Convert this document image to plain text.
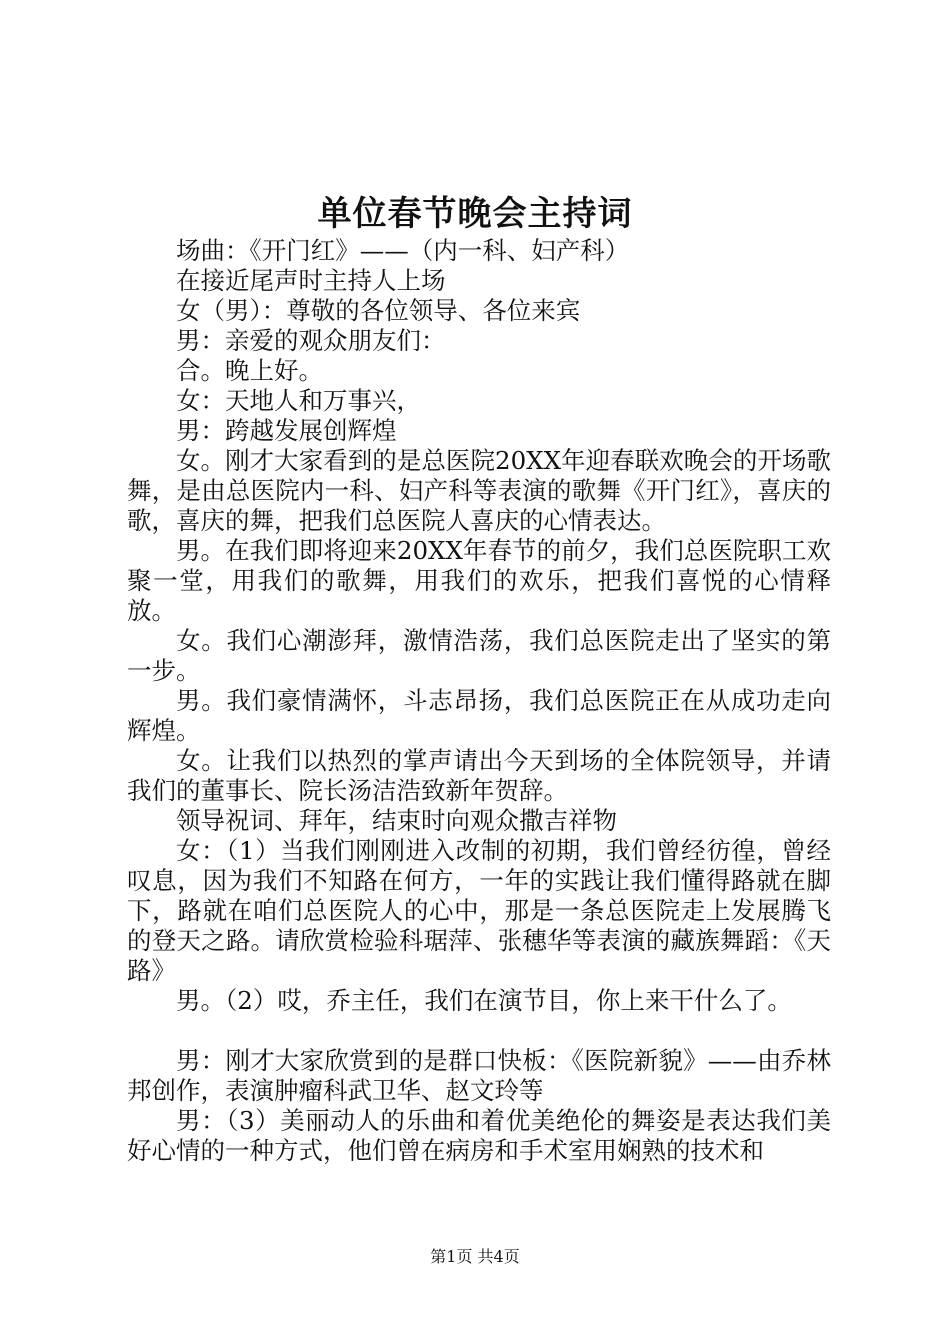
单位春节晚会主持词

场曲：《开门红》——（内一科、妇产科）

在接近尾声时主持人上场

女（男）：尊敬的各位领导、各位来宾

男：亲爱的观众朋友们：

合。晚上好。

女：天地人和万事兴，

男：跨越发展创辉煌

女。刚才大家看到的是总医院20XX年迎春联欢晚会的开场歌舞，是由总医院内一科、妇产科等表演的歌舞《开门红》，喜庆的歌，喜庆的舞，把我们总医院人喜庆的心情表达。

男。在我们即将迎来20XX年春节的前夕，我们总医院职工欢聚一堂，用我们的歌舞，用我们的欢乐，把我们喜悦的心情释放。

女。我们心潮澎拜，激情浩荡，我们总医院走出了坚实的第一步。

男。我们豪情满怀，斗志昂扬，我们总医院正在从成功走向辉煌。

女。让我们以热烈的掌声请出今天到场的全体院领导，并请我们的董事长、院长汤洁浩致新年贺辞。

领导祝词、拜年，结束时向观众撒吉祥物

女：（1）当我们刚刚进入改制的初期，我们曾经彷徨，曾经叹息，因为我们不知路在何方，一年的实践让我们懂得路就在脚下，路就在咱们总医院人的心中，那是一条总医院走上发展腾飞的登天之路。请欣赏检验科琚萍、张穗华等表演的藏族舞蹈：《天路》

男。（2）哎，乔主任，我们在演节目，你上来干什么了。

男：刚才大家欣赏到的是群口快板：《医院新貌》——由乔林邦创作，表演肿瘤科武卫华、赵文玲等

男：（3）美丽动人的乐曲和着优美绝伦的舞姿是表达我们美好心情的一种方式，他们曾在病房和手术室用娴熟的技术和

第1页 共4页
